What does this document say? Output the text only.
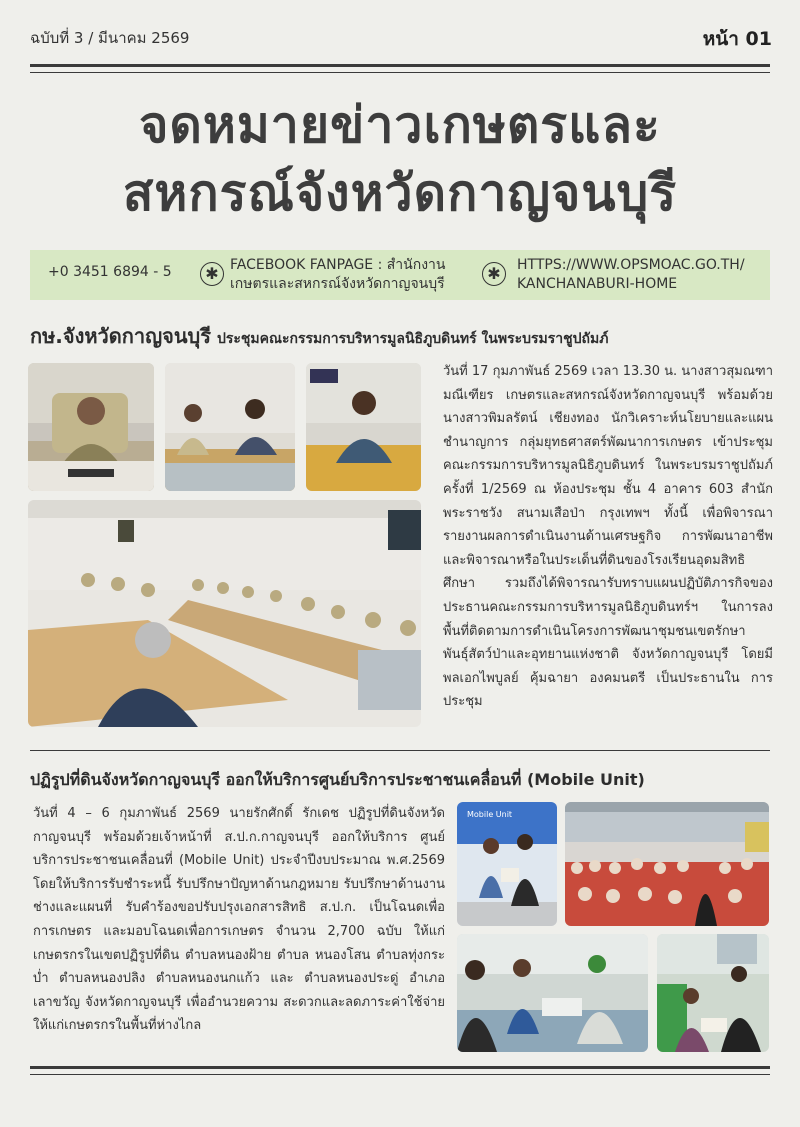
ฉบับที่ 3 / มีนาคม 2569	หน้า 01
จดหมายข่าวเกษตรและ
สหกรณ์จังหวัดกาญจนบุรี
+0 3451 6894 - 5	✱ FACEBOOK FANPAGE : สำนักงาน
เกษตรและสหกรณ์จังหวัดกาญจนบุรี
✱	HTTPS://WWW.OPSMOAC.GO.TH/
KANCHANABURI-HOME
กษ.จังหวัดกาญจนบุรี ประชุมคณะกรรมการบริหารมูลนิธิภูบดินทร์ ในพระบรมราชูปถัมภ์
วันที่ 17 กุมภาพันธ์ 2569 เวลา 13.30 น. นางสาวสุมณฑา มณีเฑียร เกษตรและสหกรณ์จังหวัดกาญจนบุรี พร้อมด้วย นางสาวพิมลรัตน์ เชียงทอง นักวิเคราะห์นโยบายและแผน ชำนาญการ กลุ่มยุทธศาสตร์พัฒนาการเกษตร เข้าประชุม คณะกรรมการบริหารมูลนิธิภูบดินทร์ ในพระบรมราชูปถัมภ์ ครั้งที่ 1/2569 ณ ห้องประชุม ชั้น 4 อาคาร 603 สำนัก พระราชวัง สนามเสือป่า กรุงเทพฯ ทั้งนี้ เพื่อพิจารณา รายงานผลการดำเนินงานด้านเศรษฐกิจ การพัฒนาอาชีพ และพิจารณาหรือในประเด็นที่ดินของโรงเรียนอุดมสิทธิ ศึกษา รวมถึงได้พิจารณารับทราบแผนปฏิบัติภารกิจของ ประธานคณะกรรมการบริหารมูลนิธิภูบดินทร์ฯ ในการลง พื้นที่ติดตามการดำเนินโครงการพัฒนาชุมชนเขตรักษา พันธุ์สัตว์ป่าและอุทยานแห่งชาติ จังหวัดกาญจนบุรี โดยมี พลเอกไพบูลย์ คุ้มฉายา องคมนตรี เป็นประธานใน การประชุม
ปฏิรูปที่ดินจังหวัดกาญจนบุรี ออกให้บริการศูนย์บริการประชาชนเคลื่อนที่ (Mobile Unit)
วันที่ 4 – 6 กุมภาพันธ์ 2569 นายรักศักดิ์ รักเดช ปฏิรูปที่ดินจังหวัด กาญจนบุรี พร้อมด้วยเจ้าหน้าที่ ส.ป.ก.กาญจนบุรี ออกให้บริการ ศูนย์บริการประชาชนเคลื่อนที่ (Mobile Unit) ประจำปีงบประมาณ พ.ศ.2569 โดยให้บริการรับชำระหนี้ รับปรึกษาปัญหาด้านกฎหมาย รับปรึกษาด้านงานช่างและแผนที่ รับคำร้องขอปรับปรุงเอกสารสิทธิ ส.ป.ก. เป็นโฉนดเพื่อการเกษตร และมอบโฉนดเพื่อการเกษตร จำนวน 2,700 ฉบับ ให้แก่เกษตรกรในเขตปฏิรูปที่ดิน ตำบลหนองฝ้าย ตำบล หนองโสน ตำบลทุ่งกระบ่ำ ตำบลหนองปลิง ตำบลหนองนกแก้ว และ ตำบลหนองประดู่ อำเภอเลาขวัญ จังหวัดกาญจนบุรี เพื่ออำนวยความ สะดวกและลดภาระค่าใช้จ่ายให้แก่เกษตรกรในพื้นที่ห่างไกล
Mobile Unit
